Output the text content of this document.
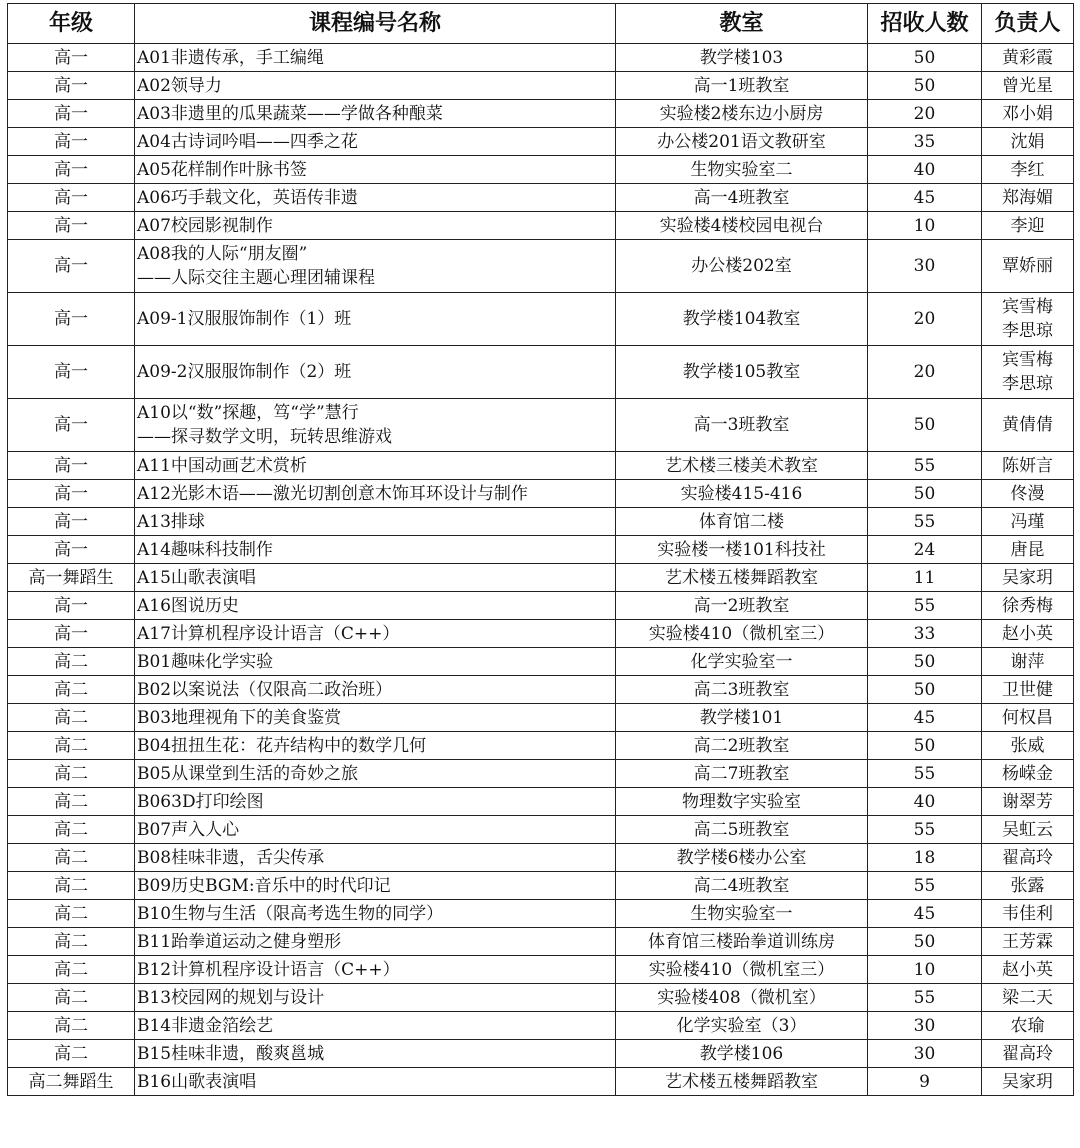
年级	课程编号名称	教室	招收人数	负责人
高一	A01非遗传承，手工编绳	教学楼103	50	黄彩霞

高一	A02领导力	高一1班教室	50	曾光星

高一	A03非遗里的瓜果蔬菜——学做各种酿菜	实验楼2楼东边小厨房	20	邓小娟

高一	A04古诗词吟唱——四季之花	办公楼201语文教研室	35	沈娟

高一	A05花样制作叶脉书签	生物实验室二	40	李红

高一	A06巧手载文化，英语传非遗	高一4班教室	45	郑海媚

高一	A07校园影视制作	实验楼4楼校园电视台	10	李迎

高一	A08我的人际“朋友圈”
——人际交往主题心理团辅课程	办公楼202室	30	覃娇丽

高一	A09-1汉服服饰制作（1）班	教学楼104教室	20	宾雪梅
李思琼

高一	A09-2汉服服饰制作（2）班	教学楼105教室	20	宾雪梅
李思琼

高一	A10以“数”探趣，笃“学”慧行
——探寻数学文明，玩转思维游戏	高一3班教室	50	黄倩倩

高一	A11中国动画艺术赏析	艺术楼三楼美术教室	55	陈妍言

高一	A12光影木语——激光切割创意木饰耳环设计与制作	实验楼415-416	50	佟漫

高一	A13排球	体育馆二楼	55	冯瑾

高一	A14趣味科技制作	实验楼一楼101科技社	24	唐昆

高一舞蹈生	A15山歌表演唱	艺术楼五楼舞蹈教室	11	吴家玥

高一	A16图说历史	高一2班教室	55	徐秀梅

高一	A17计算机程序设计语言（C++）	实验楼410（微机室三）	33	赵小英

高二	B01趣味化学实验	化学实验室一	50	谢萍

高二	B02以案说法（仅限高二政治班）	高二3班教室	50	卫世健

高二	B03地理视角下的美食鉴赏	教学楼101	45	何权昌

高二	B04扭扭生花：花卉结构中的数学几何	高二2班教室	50	张威

高二	B05从课堂到生活的奇妙之旅	高二7班教室	55	杨嵘金

高二	B063D打印绘图	物理数字实验室	40	谢翠芳

高二	B07声入人心	高二5班教室	55	吴虹云

高二	B08桂味非遗，舌尖传承	教学楼6楼办公室	18	翟高玲

高二	B09历史BGM:音乐中的时代印记	高二4班教室	55	张露

高二	B10生物与生活（限高考选生物的同学）	生物实验室一	45	韦佳利

高二	B11跆拳道运动之健身塑形	体育馆三楼跆拳道训练房	50	王芳霖

高二	B12计算机程序设计语言（C++）	实验楼410（微机室三）	10	赵小英

高二	B13校园网的规划与设计	实验楼408（微机室）	55	梁二天

高二	B14非遗金箔绘艺	化学实验室（3）	30	农瑜

高二	B15桂味非遗，酸爽邕城	教学楼106	30	翟高玲

高二舞蹈生	B16山歌表演唱	艺术楼五楼舞蹈教室	9	吴家玥
